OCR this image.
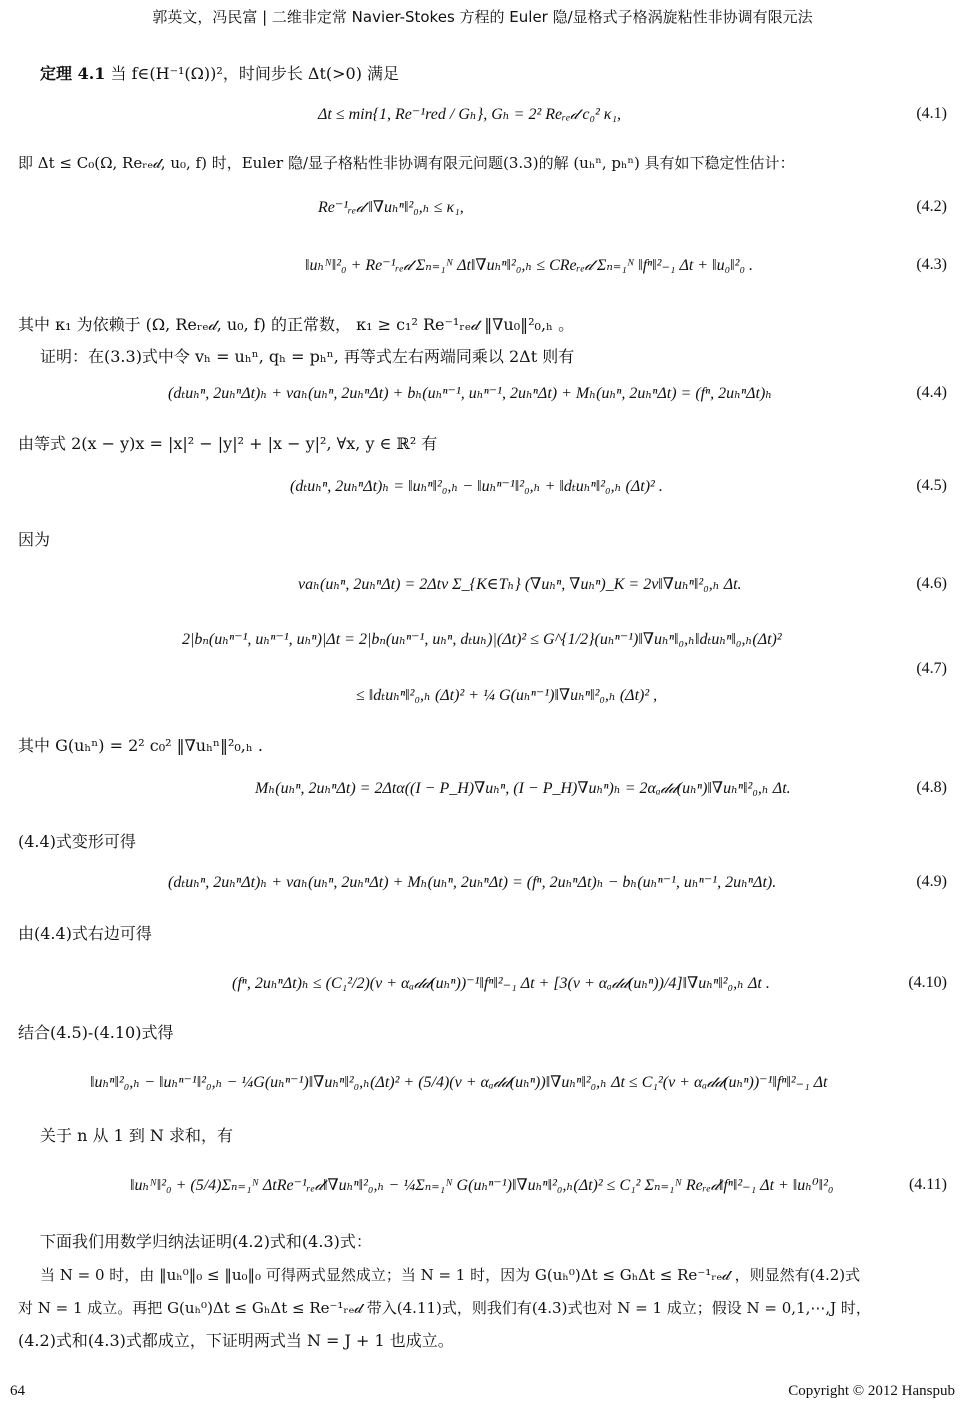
郭英文，冯民富 | 二维非定常 Navier-Stokes 方程的 Euler 隐/显格式子格涡旋粘性非协调有限元法
定理 4.1 当 f∈(H⁻¹(Ω))²，时间步长 Δt(>0) 满足
Δt ≤ min{1, Re⁻¹red / Gₕ}, Gₕ = 2² Reᵣₑ𝒹 c₀² κ₁,	(4.1)
即 Δt ≤ C₀(Ω, Reᵣₑ𝒹, u₀, f) 时，Euler 隐/显子格粘性非协调有限元问题(3.3)的解 (uₕⁿ, pₕⁿ) 具有如下稳定性估计：
Re⁻¹ᵣₑ𝒹 ‖∇uₕⁿ‖²₀,ₕ ≤ κ₁,	(4.2)
‖uₕᴺ‖²₀ + Re⁻¹ᵣₑ𝒹 Σₙ₌₁ᴺ Δt‖∇uₕⁿ‖²₀,ₕ ≤ CReᵣₑ𝒹 Σₙ₌₁ᴺ ‖fⁿ‖²₋₁ Δt + ‖u₀‖²₀ .	(4.3)
其中 κ₁ 为依赖于 (Ω, Reᵣₑ𝒹, u₀, f) 的正常数， κ₁ ≥ c₁² Re⁻¹ᵣₑ𝒹 ‖∇u₀‖²₀,ₕ 。
证明：在(3.3)式中令 vₕ = uₕⁿ, qₕ = pₕⁿ, 再等式左右两端同乘以 2Δt 则有
(dₜuₕⁿ, 2uₕⁿΔt)ₕ + νaₕ(uₕⁿ, 2uₕⁿΔt) + bₕ(uₕⁿ⁻¹, uₕⁿ⁻¹, 2uₕⁿΔt) + Mₕ(uₕⁿ, 2uₕⁿΔt) = (fⁿ, 2uₕⁿΔt)ₕ	(4.4)
由等式 2(x − y)x = |x|² − |y|² + |x − y|², ∀x, y ∈ ℝ² 有
(dₜuₕⁿ, 2uₕⁿΔt)ₕ = ‖uₕⁿ‖²₀,ₕ − ‖uₕⁿ⁻¹‖²₀,ₕ + ‖dₜuₕⁿ‖²₀,ₕ (Δt)² .	(4.5)
因为
νaₕ(uₕⁿ, 2uₕⁿΔt) = 2Δtν Σ_{K∈Tₕ} (∇uₕⁿ, ∇uₕⁿ)_K = 2ν‖∇uₕⁿ‖²₀,ₕ Δt.	(4.6)
2|bₙ(uₕⁿ⁻¹, uₕⁿ⁻¹, uₕⁿ)|Δt = 2|bₙ(uₕⁿ⁻¹, uₕⁿ, dₜuₕ)|(Δt)² ≤ G^{1/2}(uₕⁿ⁻¹)‖∇uₕⁿ‖₀,ₕ‖dₜuₕⁿ‖₀,ₕ(Δt)²
≤ ‖dₜuₕⁿ‖²₀,ₕ (Δt)² + ¼ G(uₕⁿ⁻¹)‖∇uₕⁿ‖²₀,ₕ (Δt)² ,
(4.7)
其中 G(uₕⁿ) = 2² c₀² ‖∇uₕⁿ‖²₀,ₕ .
Mₕ(uₕⁿ, 2uₕⁿΔt) = 2Δtα((I − P_H)∇uₕⁿ, (I − P_H)∇uₕⁿ)ₕ = 2αₐ𝒹𝒹(uₕⁿ)‖∇uₕⁿ‖²₀,ₕ Δt.	(4.8)
(4.4)式变形可得
(dₜuₕⁿ, 2uₕⁿΔt)ₕ + νaₕ(uₕⁿ, 2uₕⁿΔt) + Mₕ(uₕⁿ, 2uₕⁿΔt) = (fⁿ, 2uₕⁿΔt)ₕ − bₕ(uₕⁿ⁻¹, uₕⁿ⁻¹, 2uₕⁿΔt).	(4.9)
由(4.4)式右边可得
(fⁿ, 2uₕⁿΔt)ₕ ≤ (C₁²/2)(ν + αₐ𝒹𝒹(uₕⁿ))⁻¹‖fⁿ‖²₋₁ Δt + [3(ν + αₐ𝒹𝒹(uₕⁿ))/4]‖∇uₕⁿ‖²₀,ₕ Δt .	(4.10)
结合(4.5)-(4.10)式得
‖uₕⁿ‖²₀,ₕ − ‖uₕⁿ⁻¹‖²₀,ₕ − ¼G(uₕⁿ⁻¹)‖∇uₕⁿ‖²₀,ₕ(Δt)² + (5/4)(ν + αₐ𝒹𝒹(uₕⁿ))‖∇uₕⁿ‖²₀,ₕ Δt ≤ C₁²(ν + αₐ𝒹𝒹(uₕⁿ))⁻¹‖fⁿ‖²₋₁ Δt
关于 n 从 1 到 N 求和，有
‖uₕᴺ‖²₀ + (5/4)Σₙ₌₁ᴺ ΔtRe⁻¹ᵣₑ𝒹‖∇uₕⁿ‖²₀,ₕ − ¼Σₙ₌₁ᴺ G(uₕⁿ⁻¹)‖∇uₕⁿ‖²₀,ₕ(Δt)² ≤ C₁² Σₙ₌₁ᴺ Reᵣₑ𝒹‖fⁿ‖²₋₁ Δt + ‖uₕ⁰‖²₀	(4.11)
下面我们用数学归纳法证明(4.2)式和(4.3)式：
当 N = 0 时，由 ‖uₕ⁰‖₀ ≤ ‖u₀‖₀ 可得两式显然成立；当 N = 1 时，因为 G(uₕ⁰)Δt ≤ GₕΔt ≤ Re⁻¹ᵣₑ𝒹 ，则显然有(4.2)式
对 N = 1 成立。再把 G(uₕ⁰)Δt ≤ GₕΔt ≤ Re⁻¹ᵣₑ𝒹 带入(4.11)式，则我们有(4.3)式也对 N = 1 成立；假设 N = 0,1,⋯,J 时，
(4.2)式和(4.3)式都成立，下证明两式当 N = J + 1 也成立。
64	Copyright © 2012 Hanspub
